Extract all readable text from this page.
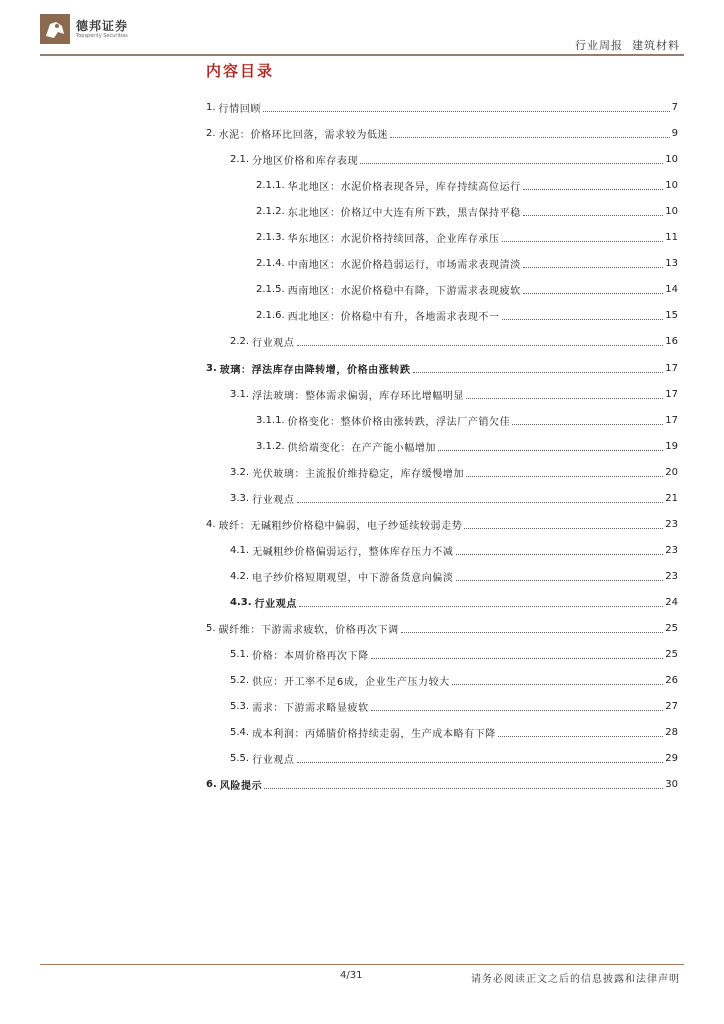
德邦证券
Topsperity Securities
行业周报 建筑材料
内容目录
1. 行情回顾	7
2. 水泥：价格环比回落，需求较为低迷	9
2.1. 分地区价格和库存表现	10
2.1.1. 华北地区：水泥价格表现各异，库存持续高位运行	10
2.1.2. 东北地区：价格辽中大连有所下跌，黑吉保持平稳	10
2.1.3. 华东地区：水泥价格持续回落，企业库存承压	11
2.1.4. 中南地区：水泥价格趋弱运行，市场需求表现清淡	13
2.1.5. 西南地区：水泥价格稳中有降，下游需求表现疲软	14
2.1.6. 西北地区：价格稳中有升，各地需求表现不一	15
2.2. 行业观点	16
3. 玻璃：浮法库存由降转增，价格由涨转跌	17
3.1. 浮法玻璃：整体需求偏弱，库存环比增幅明显	17
3.1.1. 价格变化：整体价格由涨转跌，浮法厂产销欠佳	17
3.1.2. 供给端变化：在产产能小幅增加	19
3.2. 光伏玻璃：主流报价维持稳定，库存缓慢增加	20
3.3. 行业观点	21
4. 玻纤：无碱粗纱价格稳中偏弱，电子纱延续较弱走势	23
4.1. 无碱粗纱价格偏弱运行，整体库存压力不减	23
4.2. 电子纱价格短期观望，中下游备货意向偏淡	23
4.3. 行业观点	24
5. 碳纤维：下游需求疲软，价格再次下调	25
5.1. 价格：本周价格再次下降	25
5.2. 供应：开工率不足6成，企业生产压力较大	26
5.3. 需求：下游需求略显疲软	27
5.4. 成本利润：丙烯腈价格持续走弱，生产成本略有下降	28
5.5. 行业观点	29
6. 风险提示	30
4/31	请务必阅读正文之后的信息披露和法律声明
